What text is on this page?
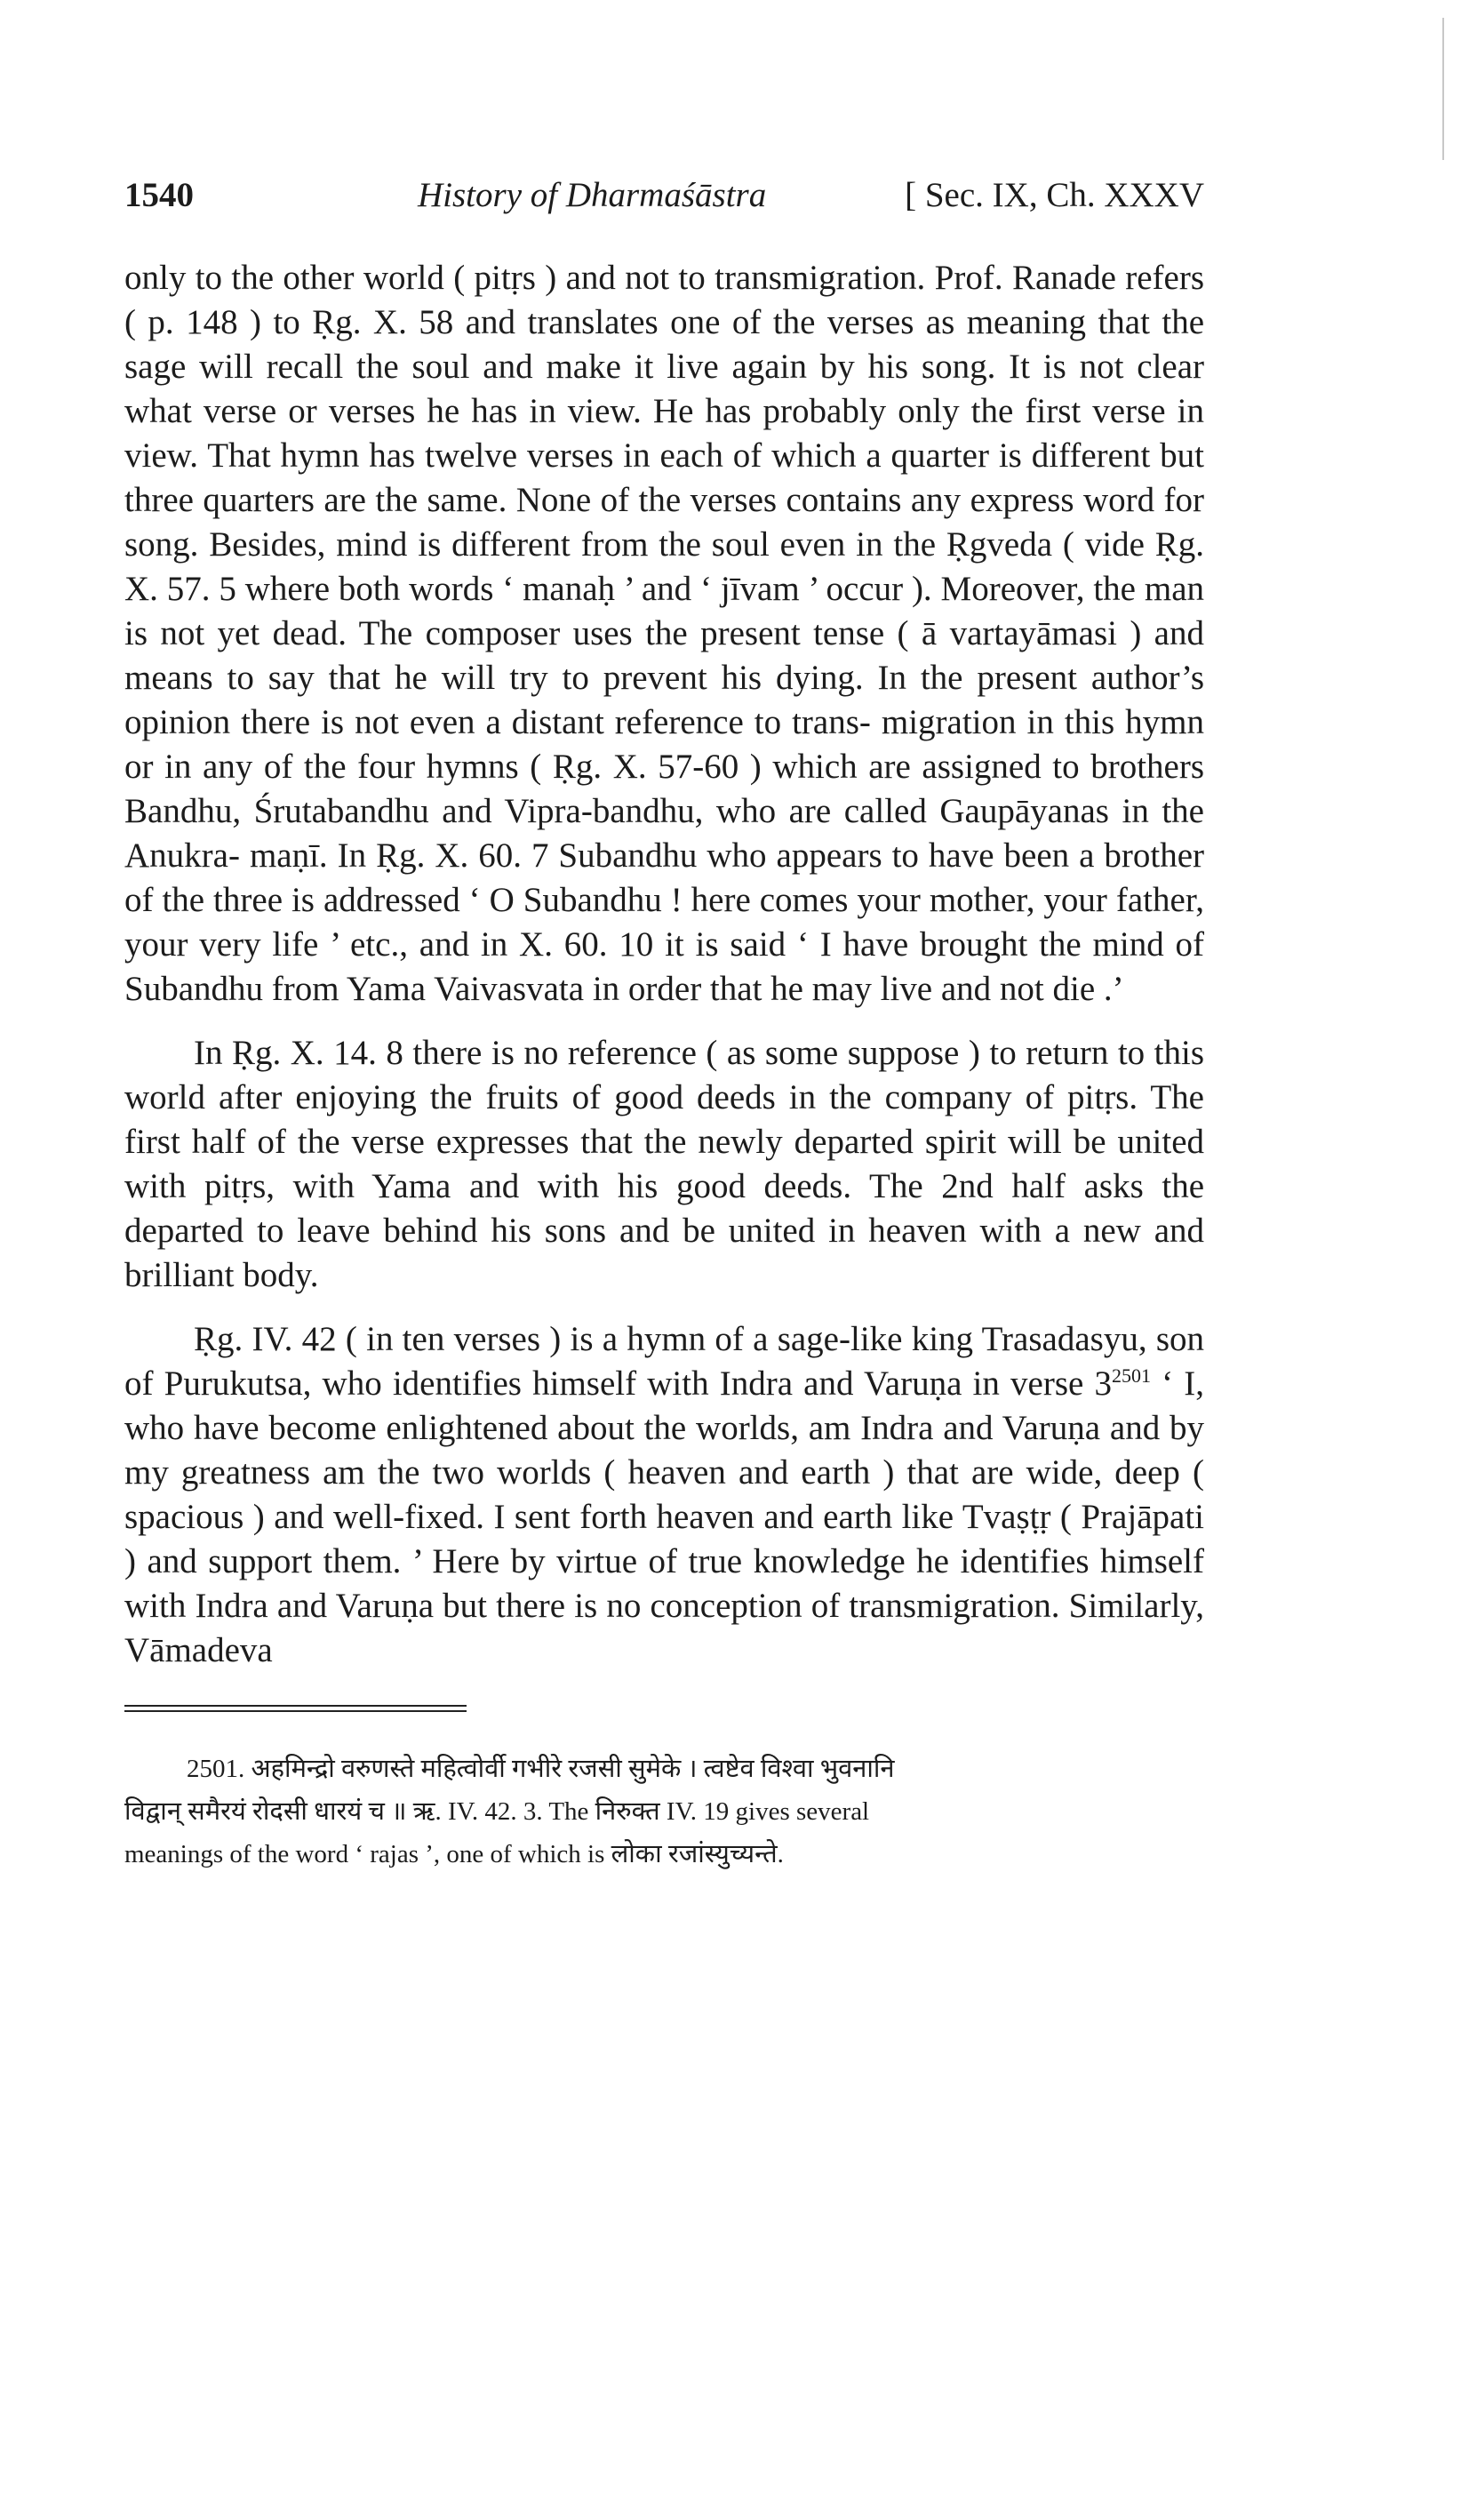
1540	History of Dharmaśāstra	[ Sec. IX, Ch. XXXV

only to the other world ( pitṛs ) and not to transmigration. Prof. Ranade refers ( p. 148 ) to Ṛg. X. 58 and translates one of the verses as meaning that the sage will recall the soul and make it live again by his song. It is not clear what verse or verses he has in view. He has probably only the first verse in view. That hymn has twelve verses in each of which a quarter is different but three quarters are the same. None of the verses contains any express word for song. Besides, mind is different from the soul even in the Ṛgveda ( vide Ṛg. X. 57. 5 where both words ‘ manaḥ ’ and ‘ jīvam ’ occur ). Moreover, the man is not yet dead. The composer uses the present tense ( ā vartayāmasi ) and means to say that he will try to prevent his dying. In the present author’s opinion there is not even a distant reference to trans- migration in this hymn or in any of the four hymns ( Ṛg. X. 57-60 ) which are assigned to brothers Bandhu, Śrutabandhu and Vipra-bandhu, who are called Gaupāyanas in the Anukra- maṇī. In Ṛg. X. 60. 7 Subandhu who appears to have been a brother of the three is addressed ‘ O Subandhu ! here comes your mother, your father, your very life ’ etc., and in X. 60. 10 it is said ‘ I have brought the mind of Subandhu from Yama Vaivasvata in order that he may live and not die .’

In Ṛg. X. 14. 8 there is no reference ( as some suppose ) to return to this world after enjoying the fruits of good deeds in the company of pitṛs. The first half of the verse expresses that the newly departed spirit will be united with pitṛs, with Yama and with his good deeds. The 2nd half asks the departed to leave behind his sons and be united in heaven with a new and brilliant body.

Ṛg. IV. 42 ( in ten verses ) is a hymn of a sage-like king Trasadasyu, son of Purukutsa, who identifies himself with Indra and Varuṇa in verse $3^{2501}$ ‘ I, who have become enlightened about the worlds, am Indra and Varuṇa and by my greatness am the two worlds ( heaven and earth ) that are wide, deep ( spacious ) and well-fixed. I sent forth heaven and earth like Tvaṣṭṛ ( Prajāpati ) and support them. ’ Here by virtue of true knowledge he identifies himself with Indra and Varuṇa but there is no conception of transmigration. Similarly, Vāmadeva

2501. अहमिन्द्रो वरुणस्ते महित्वोर्वी गभीरे रजसी सुमेके । त्वष्टेव विश्वा भुवनानि

विद्वान् समैरयं रोदसी धारयं च ॥ ऋ. IV. 42. 3. The निरुक्त IV. 19 gives several

meanings of the word ‘ rajas ’, one of which is लोका रजांस्युच्यन्ते.
